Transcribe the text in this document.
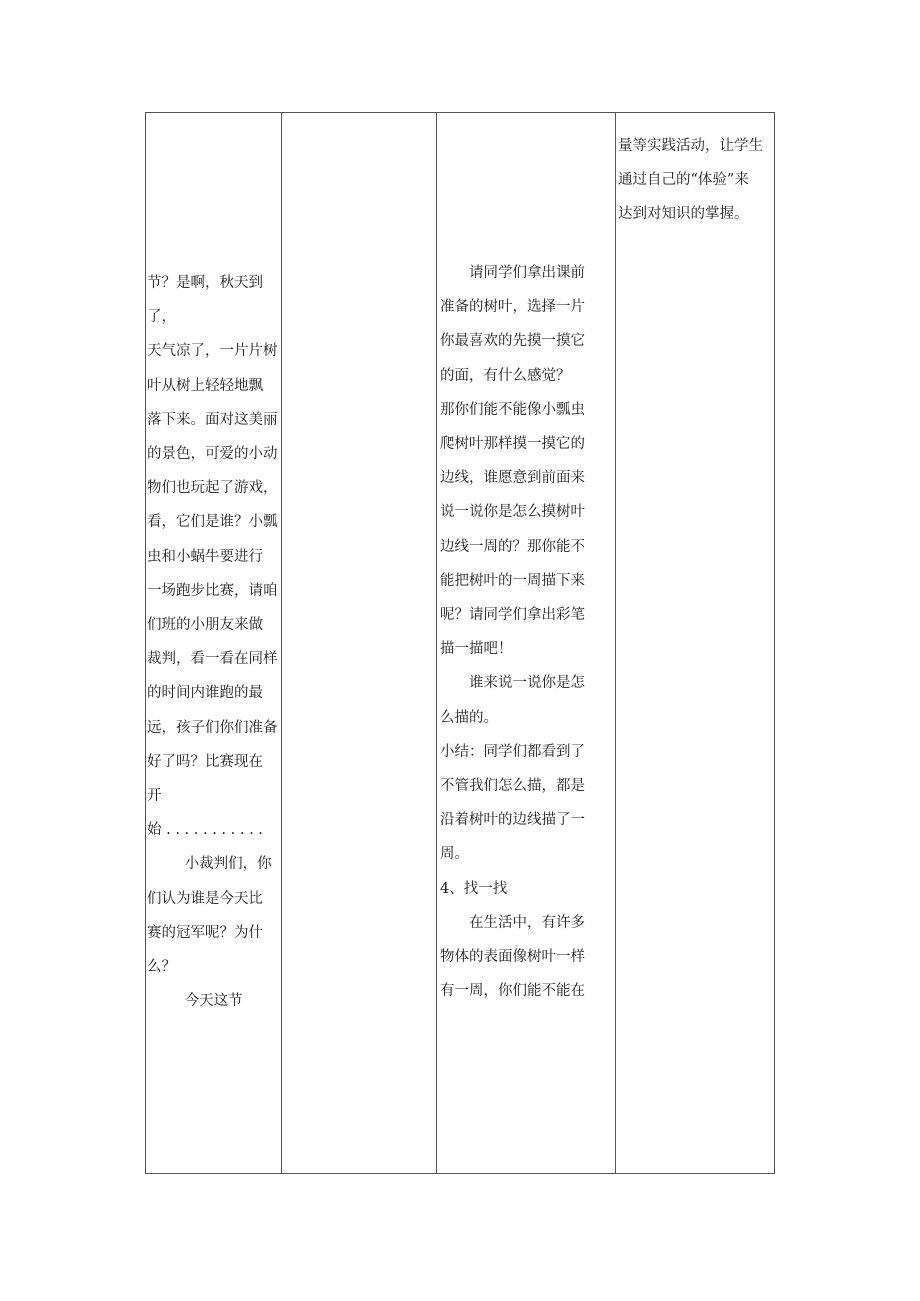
节？是啊，秋天到了，

天气凉了，一片片树

叶从树上轻轻地飘

落下来。面对这美丽

的景色，可爱的小动

物们也玩起了游戏，

看，它们是谁？小瓢

虫和小蜗牛要进行

一场跑步比赛，请咱

们班的小朋友来做

裁判，看一看在同样

的时间内谁跑的最

远，孩子们你们准备

好了吗？比赛现在

开

始 . . . . . . . . . . .

小裁判们，你

们认为谁是今天比

赛的冠军呢？为什

么？

今天这节

请同学们拿出课前

准备的树叶，选择一片

你最喜欢的先摸一摸它

的面，有什么感觉？

那你们能不能像小瓢虫

爬树叶那样摸一摸它的

边线，谁愿意到前面来

说一说你是怎么摸树叶

边线一周的？那你能不

能把树叶的一周描下来

呢？请同学们拿出彩笔

描一描吧！

谁来说一说你是怎

么描的。

小结：同学们都看到了

不管我们怎么描，都是

沿着树叶的边线描了一

周。

4、找一找

在生活中，有许多

物体的表面像树叶一样

有一周，你们能不能在

量等实践活动，让学生

通过自己的“体验”来

达到对知识的掌握。
